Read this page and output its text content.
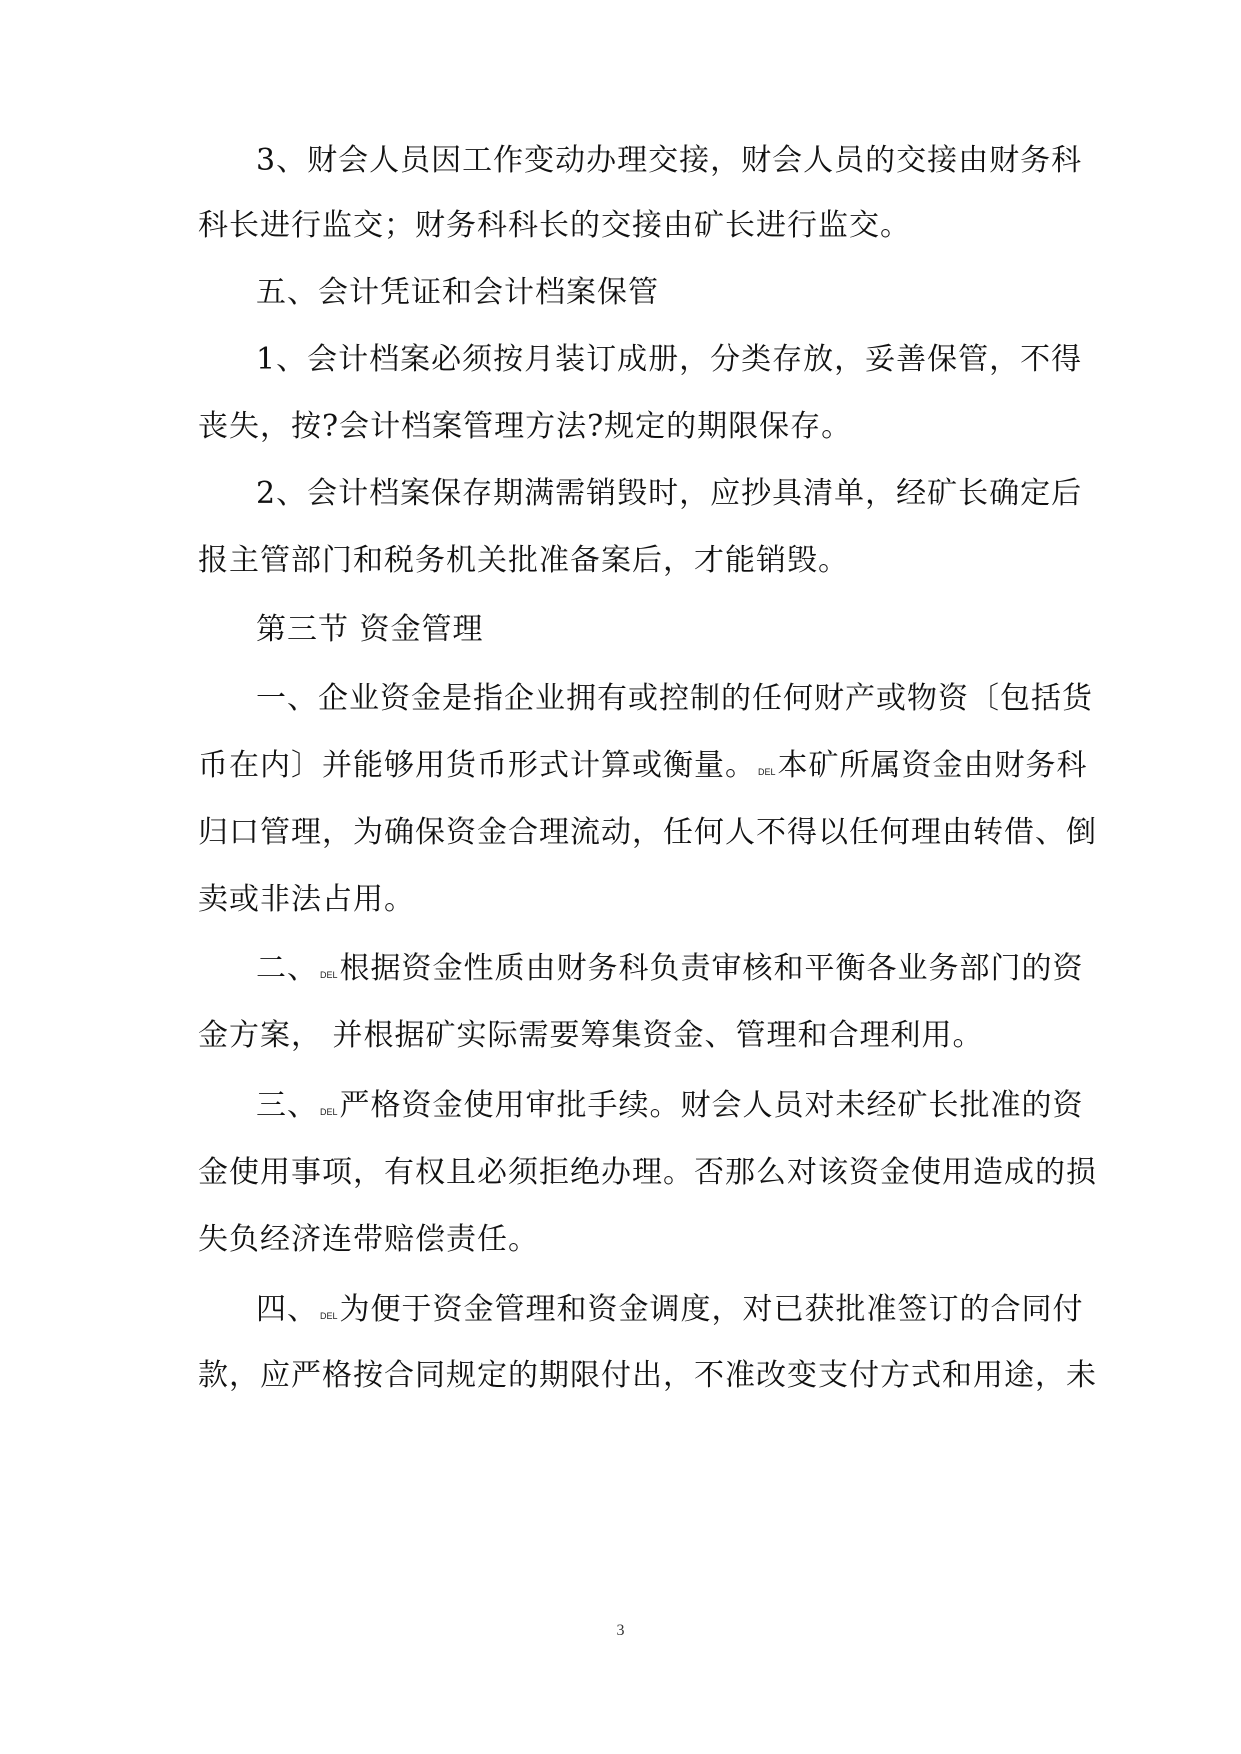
3、财会人员因工作变动办理交接，财会人员的交接由财务科
科长进行监交；财务科科长的交接由矿长进行监交。
五、会计凭证和会计档案保管
1、会计档案必须按月装订成册，分类存放，妥善保管，不得
丧失，按?会计档案管理方法?规定的期限保存。
2、会计档案保存期满需销毁时，应抄具清单，经矿长确定后
报主管部门和税务机关批准备案后，才能销毁。
第三节 资金管理
一、企业资金是指企业拥有或控制的任何财产或物资〔包括货
币在内〕并能够用货币形式计算或衡量。 DEL本矿所属资金由财务科
归口管理，为确保资金合理流动，任何人不得以任何理由转借、倒
卖或非法占用。
二、 DEL根据资金性质由财务科负责审核和平衡各业务部门的资
金方案， 并根据矿实际需要筹集资金、管理和合理利用。
三、 DEL严格资金使用审批手续。财会人员对未经矿长批准的资
金使用事项，有权且必须拒绝办理。否那么对该资金使用造成的损
失负经济连带赔偿责任。
四、 DEL为便于资金管理和资金调度，对已获批准签订的合同付
款，应严格按合同规定的期限付出，不准改变支付方式和用途，未
3
